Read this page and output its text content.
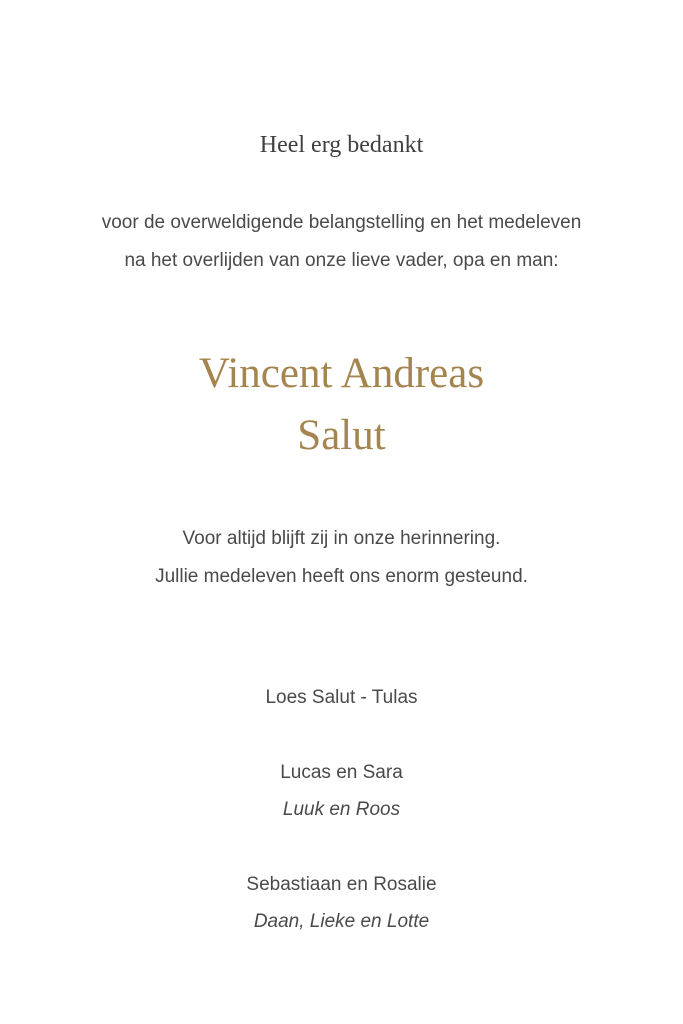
Heel erg bedankt
voor de overweldigende belangstelling en het medeleven
na het overlijden van onze lieve vader, opa en man:
Vincent Andreas
Salut
Voor altijd blijft zij in onze herinnering.
Jullie medeleven heeft ons enorm gesteund.
Loes Salut - Tulas
Lucas en Sara
Luuk en Roos
Sebastiaan en Rosalie
Daan, Lieke en Lotte
